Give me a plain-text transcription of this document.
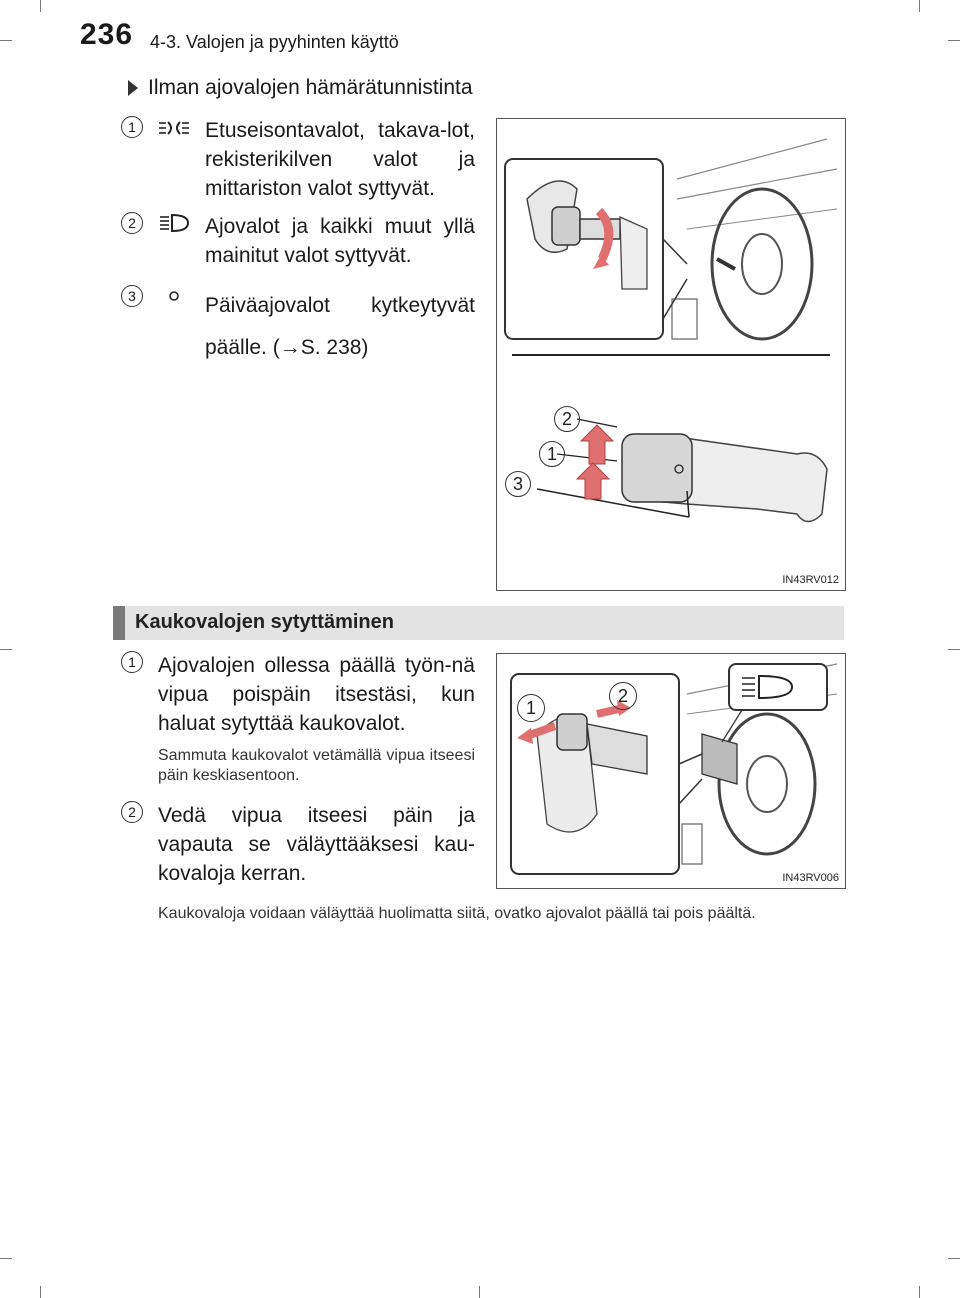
236 4-3. Valojen ja pyyhinten käyttö
Ilman ajovalojen hämärätunnistinta
1	Etuseisontavalot, takava-lot, rekisterikilven valot ja mittariston valot syttyvät.
2	Ajovalot ja kaikki muut yllä mainitut valot syttyvät.
3	Päiväajovalot kytkeytyvät päälle. (→S. 238)
2
1
3
IN43RV012
Kaukovalojen sytyttäminen
1	Ajovalojen ollessa päällä työn-nä vipua poispäin itsestäsi, kun haluat sytyttää kaukovalot.
Sammuta kaukovalot vetämällä vipua itseesi päin keskiasentoon.
2	Vedä vipua itseesi päin ja vapauta se väläyttääksesi kau-kovaloja kerran.
1
2
IN43RV006
Kaukovaloja voidaan väläyttää huolimatta siitä, ovatko ajovalot päällä tai pois päältä.
